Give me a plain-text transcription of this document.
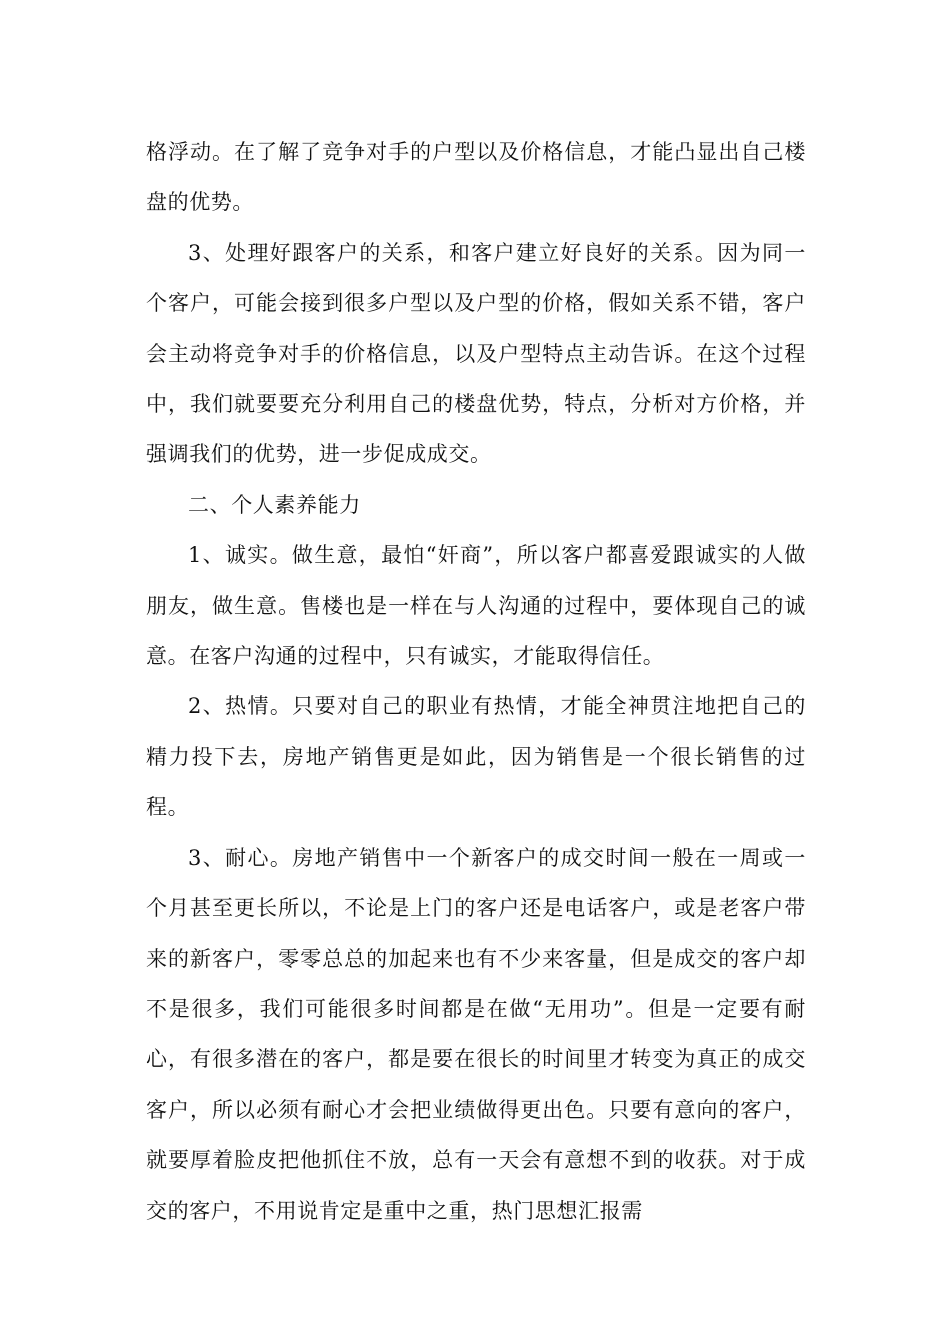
格浮动。在了解了竞争对手的户型以及价格信息，才能凸显出自己楼盘的优势。

3、处理好跟客户的关系，和客户建立好良好的关系。因为同一个客户，可能会接到很多户型以及户型的价格，假如关系不错，客户会主动将竞争对手的价格信息，以及户型特点主动告诉。在这个过程中，我们就要要充分利用自己的楼盘优势，特点，分析对方价格，并强调我们的优势，进一步促成成交。

二、个人素养能力

1、诚实。做生意，最怕“奸商”，所以客户都喜爱跟诚实的人做朋友，做生意。售楼也是一样在与人沟通的过程中，要体现自己的诚意。在客户沟通的过程中，只有诚实，才能取得信任。

2、热情。只要对自己的职业有热情，才能全神贯注地把自己的精力投下去，房地产销售更是如此，因为销售是一个很长销售的过程。

3、耐心。房地产销售中一个新客户的成交时间一般在一周或一个月甚至更长所以，不论是上门的客户还是电话客户，或是老客户带来的新客户，零零总总的加起来也有不少来客量，但是成交的客户却不是很多，我们可能很多时间都是在做“无用功”。但是一定要有耐心，有很多潜在的客户，都是要在很长的时间里才转变为真正的成交客户，所以必须有耐心才会把业绩做得更出色。只要有意向的客户，就要厚着脸皮把他抓住不放，总有一天会有意想不到的收获。对于成交的客户，不用说肯定是重中之重，热门思想汇报需
